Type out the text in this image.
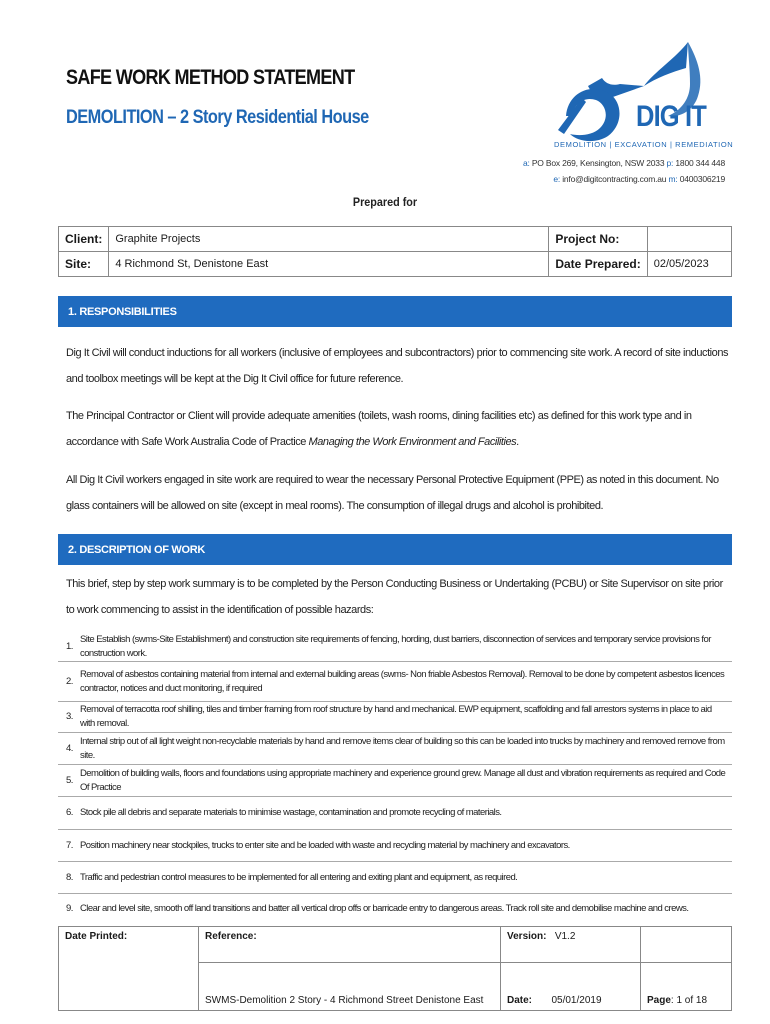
SAFE WORK METHOD STATEMENT
DEMOLITION – 2 Story Residential House	DIG IT
DEMOLITION | EXCAVATION | REMEDIATION
a: PO Box 269, Kensington, NSW 2033 p: 1800 344 448
e: info@digitcontracting.com.au m: 0400306219
Prepared for
Client:	Graphite Projects	Project No:	
Site:	4 Richmond St, Denistone East	Date Prepared:	02/05/2023
1. RESPONSIBILITIES
Dig It Civil will conduct inductions for all workers (inclusive of employees and subcontractors) prior to commencing site work. A record of site inductions and toolbox meetings will be kept at the Dig It Civil office for future reference.
The Principal Contractor or Client will provide adequate amenities (toilets, wash rooms, dining facilities etc) as defined for this work type and in accordance with Safe Work Australia Code of Practice Managing the Work Environment and Facilities.
All Dig It Civil workers engaged in site work are required to wear the necessary Personal Protective Equipment (PPE) as noted in this document. No glass containers will be allowed on site (except in meal rooms). The consumption of illegal drugs and alcohol is prohibited.
2. DESCRIPTION OF WORK
This brief, step by step work summary is to be completed by the Person Conducting Business or Undertaking (PCBU) or Site Supervisor on site prior to work commencing to assist in the identification of possible hazards:
1.
Site Establish (swms-Site Establishment) and construction site requirements of fencing, hording, dust barriers, disconnection of services and temporary service provisions for construction work.
2.
Removal of asbestos containing material from internal and external building areas (swms- Non friable Asbestos Removal). Removal to be done by competent asbestos licences contractor, notices and duct monitoring, if required
3.
Removal of terracotta roof shilling, tiles and timber framing from roof structure by hand and mechanical. EWP equipment, scaffolding and fall arrestors systems in place to aid with removal.
4.
Internal strip out of all light weight non-recyclable materials by hand and remove items clear of building so this can be loaded into trucks by machinery and removed remove from site.
5.
Demolition of building walls, floors and foundations using appropriate machinery and experience ground grew. Manage all dust and vibration requirements as required and Code Of Practice
6. Stock pile all debris and separate materials to minimise wastage, contamination and promote recycling of materials.
7. Position machinery near stockpiles, trucks to enter site and be loaded with waste and recycling material by machinery and excavators.
8. Traffic and pedestrian control measures to be implemented for all entering and exiting plant and equipment, as required.
9. Clear and level site, smooth off land transitions and batter all vertical drop offs or barricade entry to dangerous areas. Track roll site and demobilise machine and crews.
Date Printed:	Reference:	Version: V1.2	
	SWMS-Demolition 2 Story - 4 Richmond Street Denistone East	Date: 05/01/2019	Page: 1 of 18
